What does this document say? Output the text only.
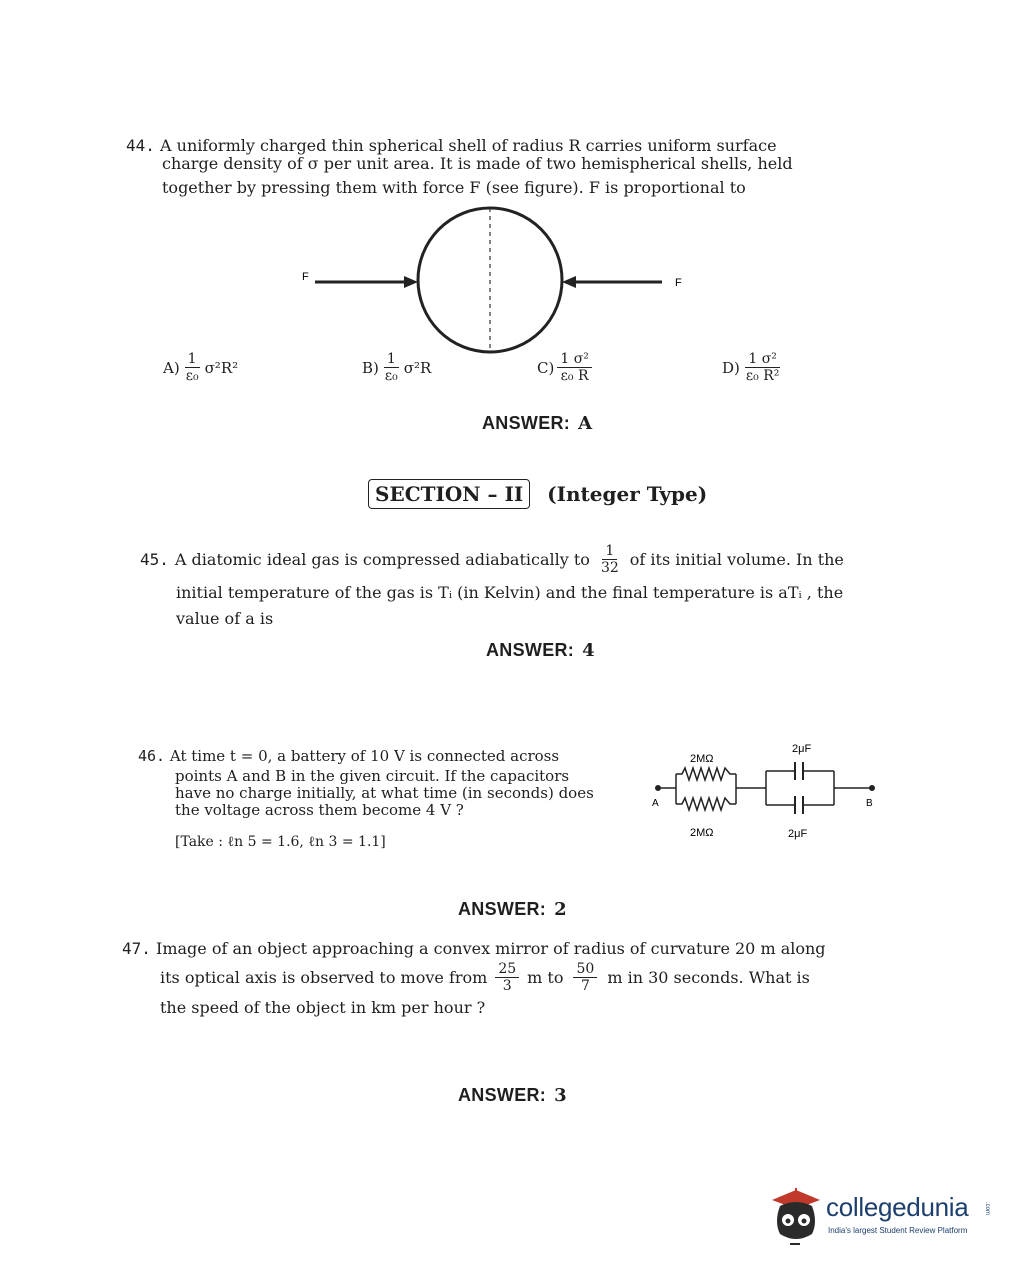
44. A uniformly charged thin spherical shell of radius R carries uniform surface
charge density of σ per unit area. It is made of two hemispherical shells, held
together by pressing them with force F (see figure). F is proportional to
F	F
$A) \frac{1}{\text{ε₀}} \sigma^2R^2$	$B) \frac{1}{\text{ε₀}} \sigma^2R$	$C) \frac{\text{1 σ²}}{\text{ε₀ R}}$	$D) \frac{\text{1 σ²}}{\text{ε₀ R²}}$
ANSWER: A
SECTION – II (Integer Type)
45. A diatomic ideal gas is compressed adiabatically to $\frac{1}{32}$ of its initial volume. In the
initial temperature of the gas is Tᵢ (in Kelvin) and the final temperature is aTᵢ , the
value of a is
ANSWER: 4
46. At time t = 0, a battery of 10 V is connected across
points A and B in the given circuit. If the capacitors
have no charge initially, at what time (in seconds) does
the voltage across them become 4 V ?
[Take : ℓn 5 = 1.6, ℓn 3 = 1.1]
A
2MΩ
2MΩ
2μF
2μF
B
ANSWER: 2
47. Image of an object approaching a convex mirror of radius of curvature 20 m along
its optical axis is observed to move from $\frac{25}{3}$ m to $\frac{50}{7}$ m in 30 seconds. What is
the speed of the object in km per hour ?
ANSWER: 3
collegedunia	.com
India's largest Student Review Platform
